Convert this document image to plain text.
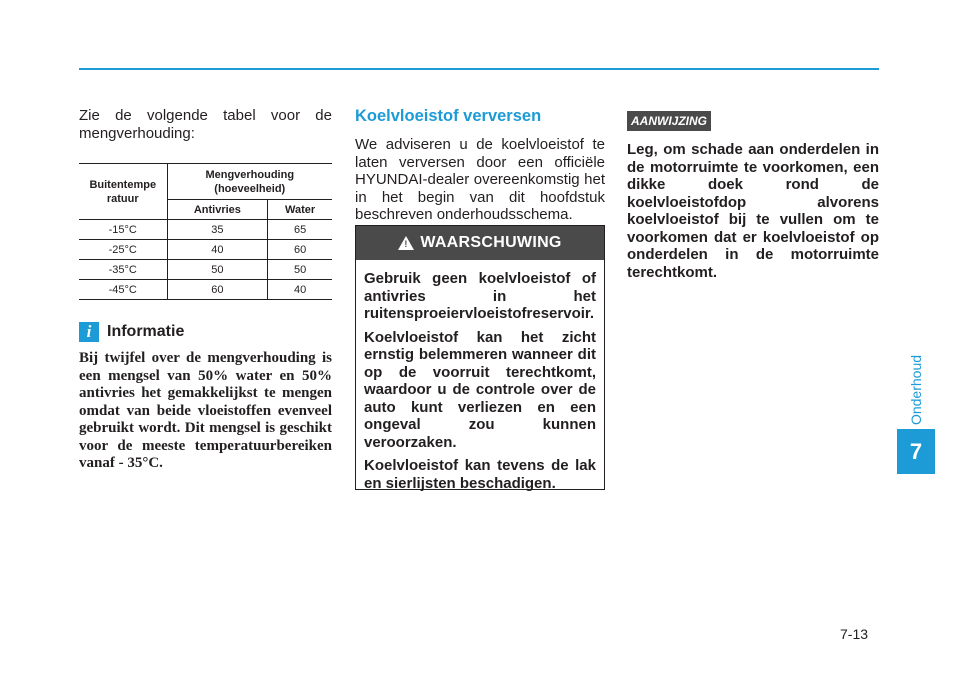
Zie de volgende tabel voor de mengverhouding:

Buitentempe
ratuur	Mengverhouding
(hoeveelheid)	
	Antivries	Water
-15°C	35	65
-25°C	40	60
-35°C	50	50
-45°C	60	40
i Informatie

Bij twijfel over de mengverhouding is een mengsel van 50% water en 50% antivries het gemakkelijkst te mengen omdat van beide vloeistoffen evenveel gebruikt wordt. Dit mengsel is geschikt voor de meeste temperatuurbereiken vanaf - 35°C.

Koelvloeistof verversen

We adviseren u de koelvloeistof te laten verversen door een officiële HYUNDAI-dealer overeenkomstig het in het begin van dit hoofdstuk beschreven onderhoudsschema.

! WAARSCHUWING

Gebruik geen koelvloeistof of antivries in het ruitensproeiervloeistofreservoir.

Koelvloeistof kan het zicht ernstig belemmeren wanneer dit op de voorruit terechtkomt, waardoor u de controle over de auto kunt verliezen en een ongeval zou kunnen veroorzaken.

Koelvloeistof kan tevens de lak en sierlijsten beschadigen.

AANWIJZING

Leg, om schade aan onderdelen in de motorruimte te voorkomen, een dikke doek rond de koelvloeistofdop alvorens koelvloeistof bij te vullen om te voorkomen dat er koelvloeistof op onderdelen in de motorruimte terechtkomt.

Onderhoud
7
7-13
